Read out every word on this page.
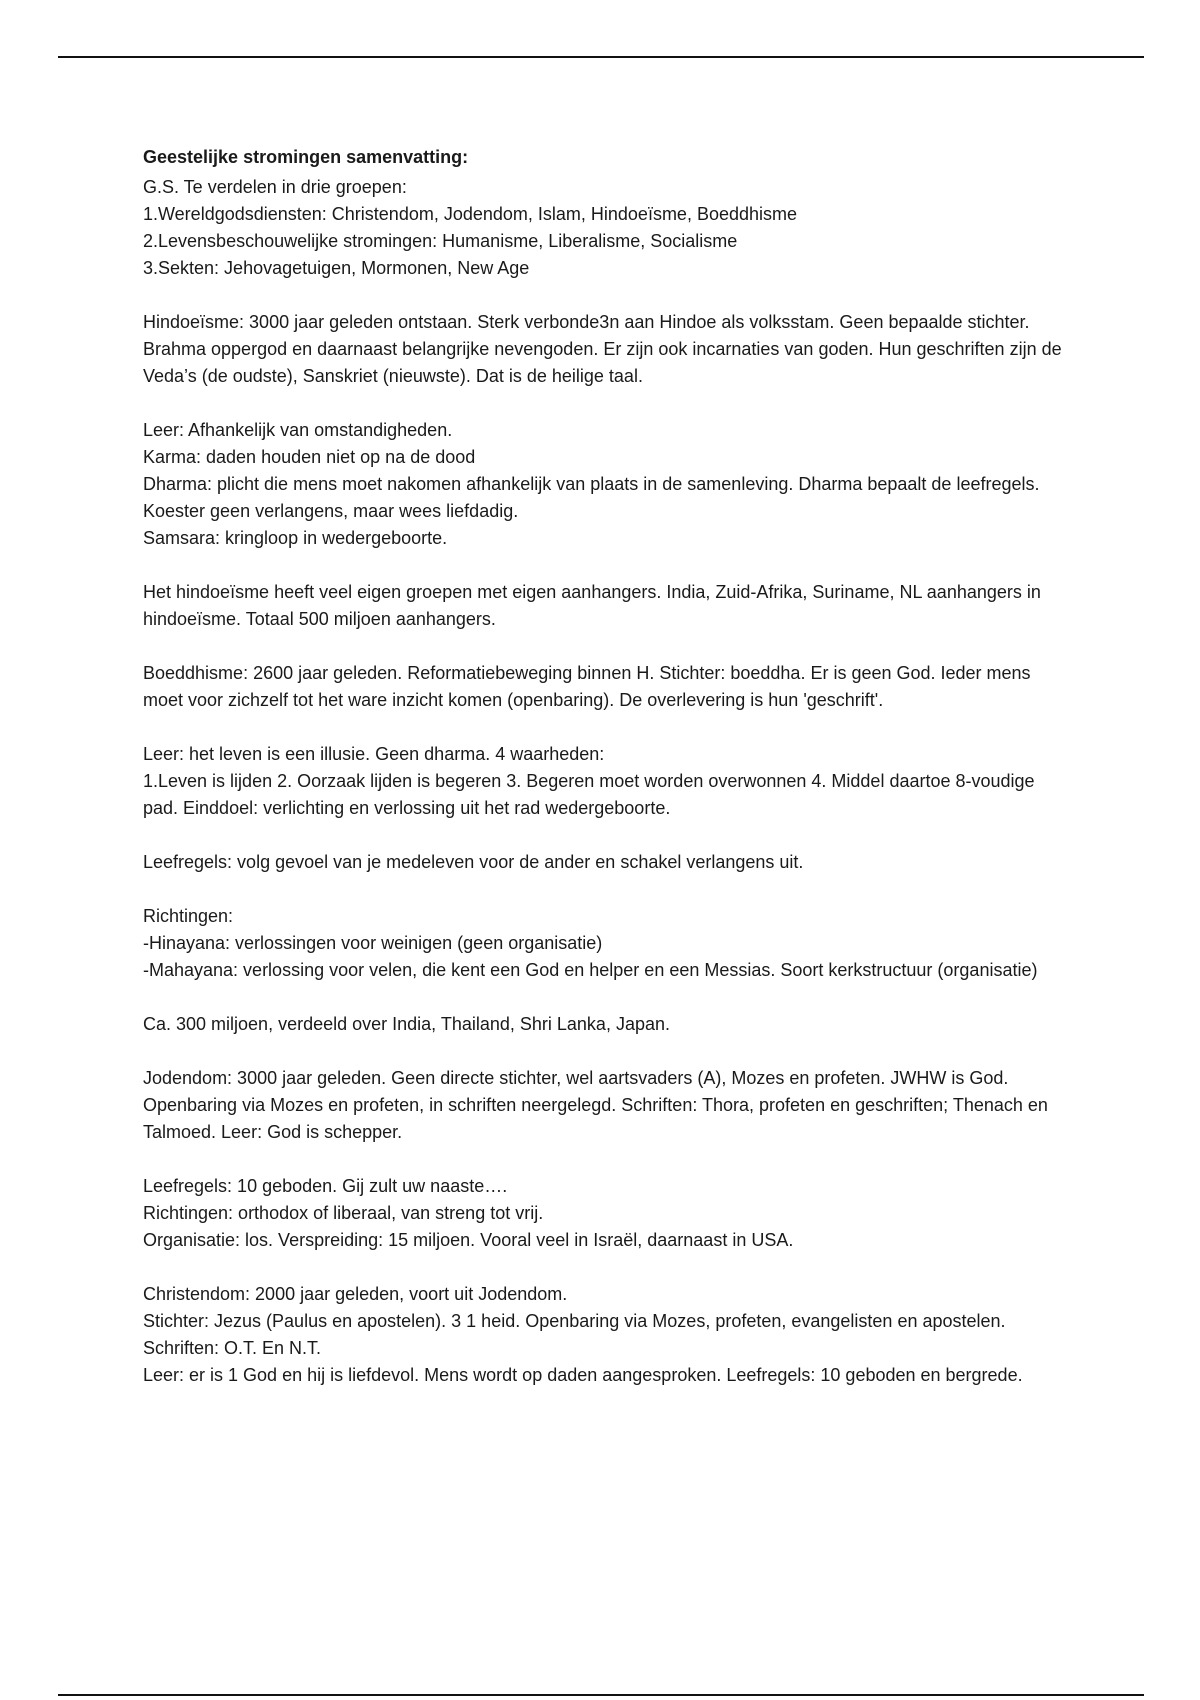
Geestelijke stromingen samenvatting:

G.S. Te verdelen in drie groepen:
1.Wereldgodsdiensten: Christendom, Jodendom, Islam, Hindoeïsme, Boeddhisme
2.Levensbeschouwelijke stromingen: Humanisme, Liberalisme, Socialisme
3.Sekten: Jehovagetuigen, Mormonen, New Age

Hindoeïsme: 3000 jaar geleden ontstaan. Sterk verbonde3n aan Hindoe als volksstam. Geen bepaalde stichter. Brahma oppergod en daarnaast belangrijke nevengoden. Er zijn ook incarnaties van goden. Hun geschriften zijn de Veda’s (de oudste), Sanskriet (nieuwste). Dat is de heilige taal.

Leer: Afhankelijk van omstandigheden.
Karma: daden houden niet op na de dood
Dharma: plicht die mens moet nakomen afhankelijk van plaats in de samenleving. Dharma bepaalt de leefregels. Koester geen verlangens, maar wees liefdadig.
Samsara: kringloop in wedergeboorte.

Het hindoeïsme heeft veel eigen groepen met eigen aanhangers. India, Zuid-Afrika, Suriname, NL aanhangers in hindoeïsme. Totaal 500 miljoen aanhangers.

Boeddhisme: 2600 jaar geleden. Reformatiebeweging binnen H. Stichter: boeddha. Er is geen God. Ieder mens moet voor zichzelf tot het ware inzicht komen (openbaring). De overlevering is hun 'geschrift'.

Leer: het leven is een illusie. Geen dharma. 4 waarheden:
1.Leven is lijden 2. Oorzaak lijden is begeren 3. Begeren moet worden overwonnen 4. Middel daartoe 8-voudige pad. Einddoel: verlichting en verlossing uit het rad wedergeboorte.

Leefregels: volg gevoel van je medeleven voor de ander en schakel verlangens uit.

Richtingen:
-Hinayana: verlossingen voor weinigen (geen organisatie)
-Mahayana: verlossing voor velen, die kent een God en helper en een Messias. Soort kerkstructuur (organisatie)

Ca. 300 miljoen, verdeeld over India, Thailand, Shri Lanka, Japan.

Jodendom: 3000 jaar geleden. Geen directe stichter, wel aartsvaders (A), Mozes en profeten. JWHW is God. Openbaring via Mozes en profeten, in schriften neergelegd. Schriften: Thora, profeten en geschriften; Thenach en Talmoed. Leer: God is schepper.

Leefregels: 10 geboden. Gij zult uw naaste….
Richtingen: orthodox of liberaal, van streng tot vrij.
Organisatie: los. Verspreiding: 15 miljoen. Vooral veel in Israël, daarnaast in USA.

Christendom: 2000 jaar geleden, voort uit Jodendom.
Stichter: Jezus (Paulus en apostelen). 3 1 heid. Openbaring via Mozes, profeten, evangelisten en apostelen.
Schriften: O.T. En N.T.
Leer: er is 1 God en hij is liefdevol. Mens wordt op daden aangesproken. Leefregels: 10 geboden en bergrede.
